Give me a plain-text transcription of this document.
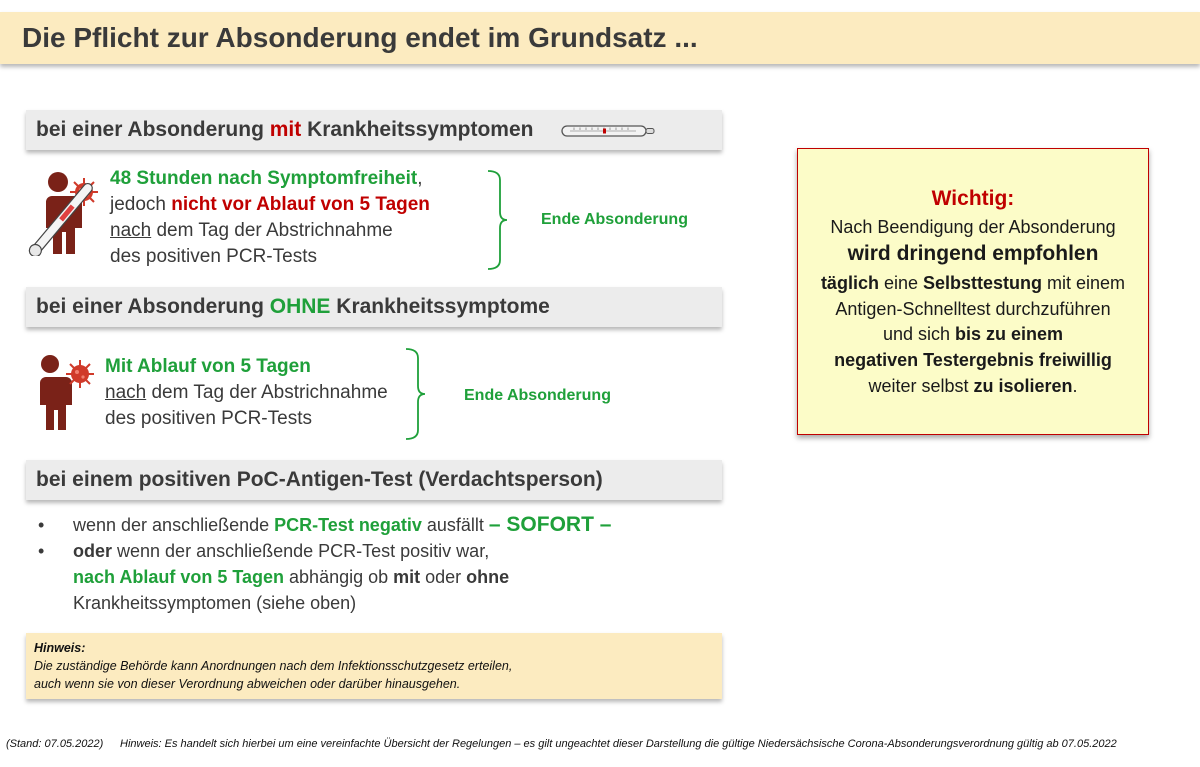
Die Pflicht zur Absonderung endet im Grundsatz ...
bei einer Absonderung mit Krankheitssymptomen
48 Stunden nach Symptomfreiheit,
jedoch nicht vor Ablauf von 5 Tagen
nach dem Tag der Abstrichnahme
des positiven PCR-Tests
Ende Absonderung
bei einer Absonderung OHNE Krankheitssymptome
Mit Ablauf von 5 Tagen
nach dem Tag der Abstrichnahme
des positiven PCR-Tests
Ende Absonderung
bei einem positiven PoC-Antigen-Test (Verdachtsperson)
•	wenn der anschließende PCR-Test negativ ausfällt – SOFORT –
•	oder wenn der anschließende PCR-Test positiv war,
nach Ablauf von 5 Tagen abhängig ob mit oder ohne
Krankheitssymptomen (siehe oben)
Hinweis:
Die zuständige Behörde kann Anordnungen nach dem Infektionsschutzgesetz erteilen,
auch wenn sie von dieser Verordnung abweichen oder darüber hinausgehen.
Wichtig:
Nach Beendigung der Absonderung
wird dringend empfohlen
täglich eine Selbsttestung mit einem
Antigen-Schnelltest durchzuführen
und sich bis zu einem
negativen Testergebnis freiwillig
weiter selbst zu isolieren.
(Stand: 07.05.2022) Hinweis: Es handelt sich hierbei um eine vereinfachte Übersicht der Regelungen – es gilt ungeachtet dieser Darstellung die gültige Niedersächsische Corona-Absonderungsverordnung gültig ab 07.05.2022
